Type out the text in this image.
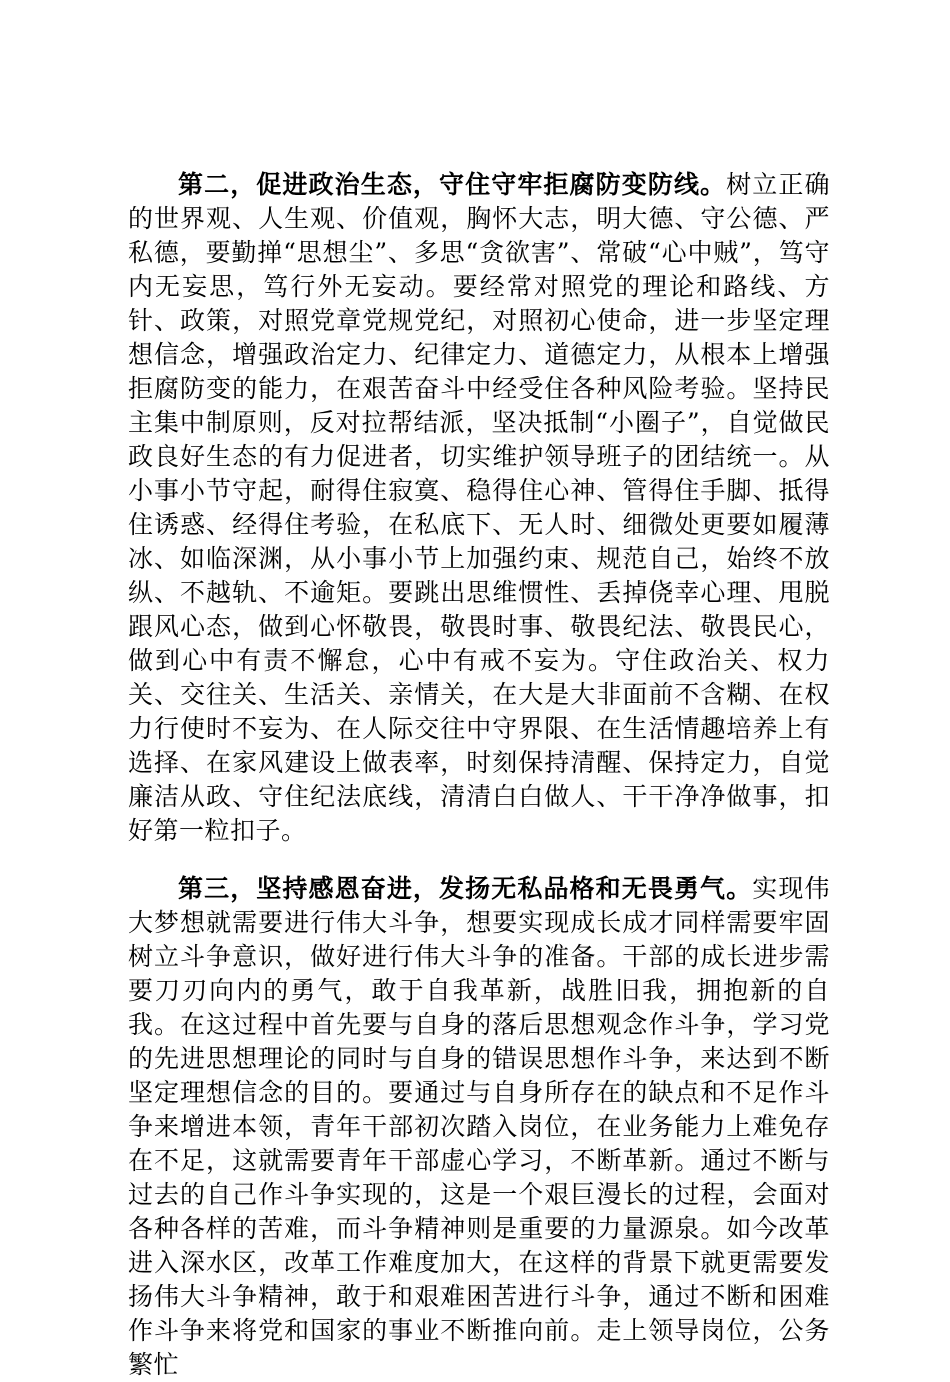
第二，促进政治生态，守住守牢拒腐防变防线。树立正确的世界观、人生观、价值观，胸怀大志，明大德、守公德、严私德，要勤掸“思想尘”、多思“贪欲害”、常破“心中贼”，笃守内无妄思，笃行外无妄动。要经常对照党的理论和路线、方针、政策，对照党章党规党纪，对照初心使命，进一步坚定理想信念，增强政治定力、纪律定力、道德定力，从根本上增强拒腐防变的能力，在艰苦奋斗中经受住各种风险考验。坚持民主集中制原则，反对拉帮结派，坚决抵制“小圈子”，自觉做民政良好生态的有力促进者，切实维护领导班子的团结统一。从小事小节守起，耐得住寂寞、稳得住心神、管得住手脚、抵得住诱惑、经得住考验，在私底下、无人时、细微处更要如履薄冰、如临深渊，从小事小节上加强约束、规范自己，始终不放纵、不越轨、不逾矩。要跳出思维惯性、丢掉侥幸心理、甩脱跟风心态，做到心怀敬畏，敬畏时事、敬畏纪法、敬畏民心，做到心中有责不懈怠，心中有戒不妄为。守住政治关、权力关、交往关、生活关、亲情关，在大是大非面前不含糊、在权力行使时不妄为、在人际交往中守界限、在生活情趣培养上有选择、在家风建设上做表率，时刻保持清醒、保持定力，自觉廉洁从政、守住纪法底线，清清白白做人、干干净净做事，扣好第一粒扣子。

第三，坚持感恩奋进，发扬无私品格和无畏勇气。实现伟大梦想就需要进行伟大斗争，想要实现成长成才同样需要牢固树立斗争意识，做好进行伟大斗争的准备。干部的成长进步需要刀刃向内的勇气，敢于自我革新，战胜旧我，拥抱新的自我。在这过程中首先要与自身的落后思想观念作斗争，学习党的先进思想理论的同时与自身的错误思想作斗争，来达到不断坚定理想信念的目的。要通过与自身所存在的缺点和不足作斗争来增进本领，青年干部初次踏入岗位，在业务能力上难免存在不足，这就需要青年干部虚心学习，不断革新。通过不断与过去的自己作斗争实现的，这是一个艰巨漫长的过程，会面对各种各样的苦难，而斗争精神则是重要的力量源泉。如今改革进入深水区，改革工作难度加大，在这样的背景下就更需要发扬伟大斗争精神，敢于和艰难困苦进行斗争，通过不断和困难作斗争来将党和国家的事业不断推向前。走上领导岗位，公务繁忙
